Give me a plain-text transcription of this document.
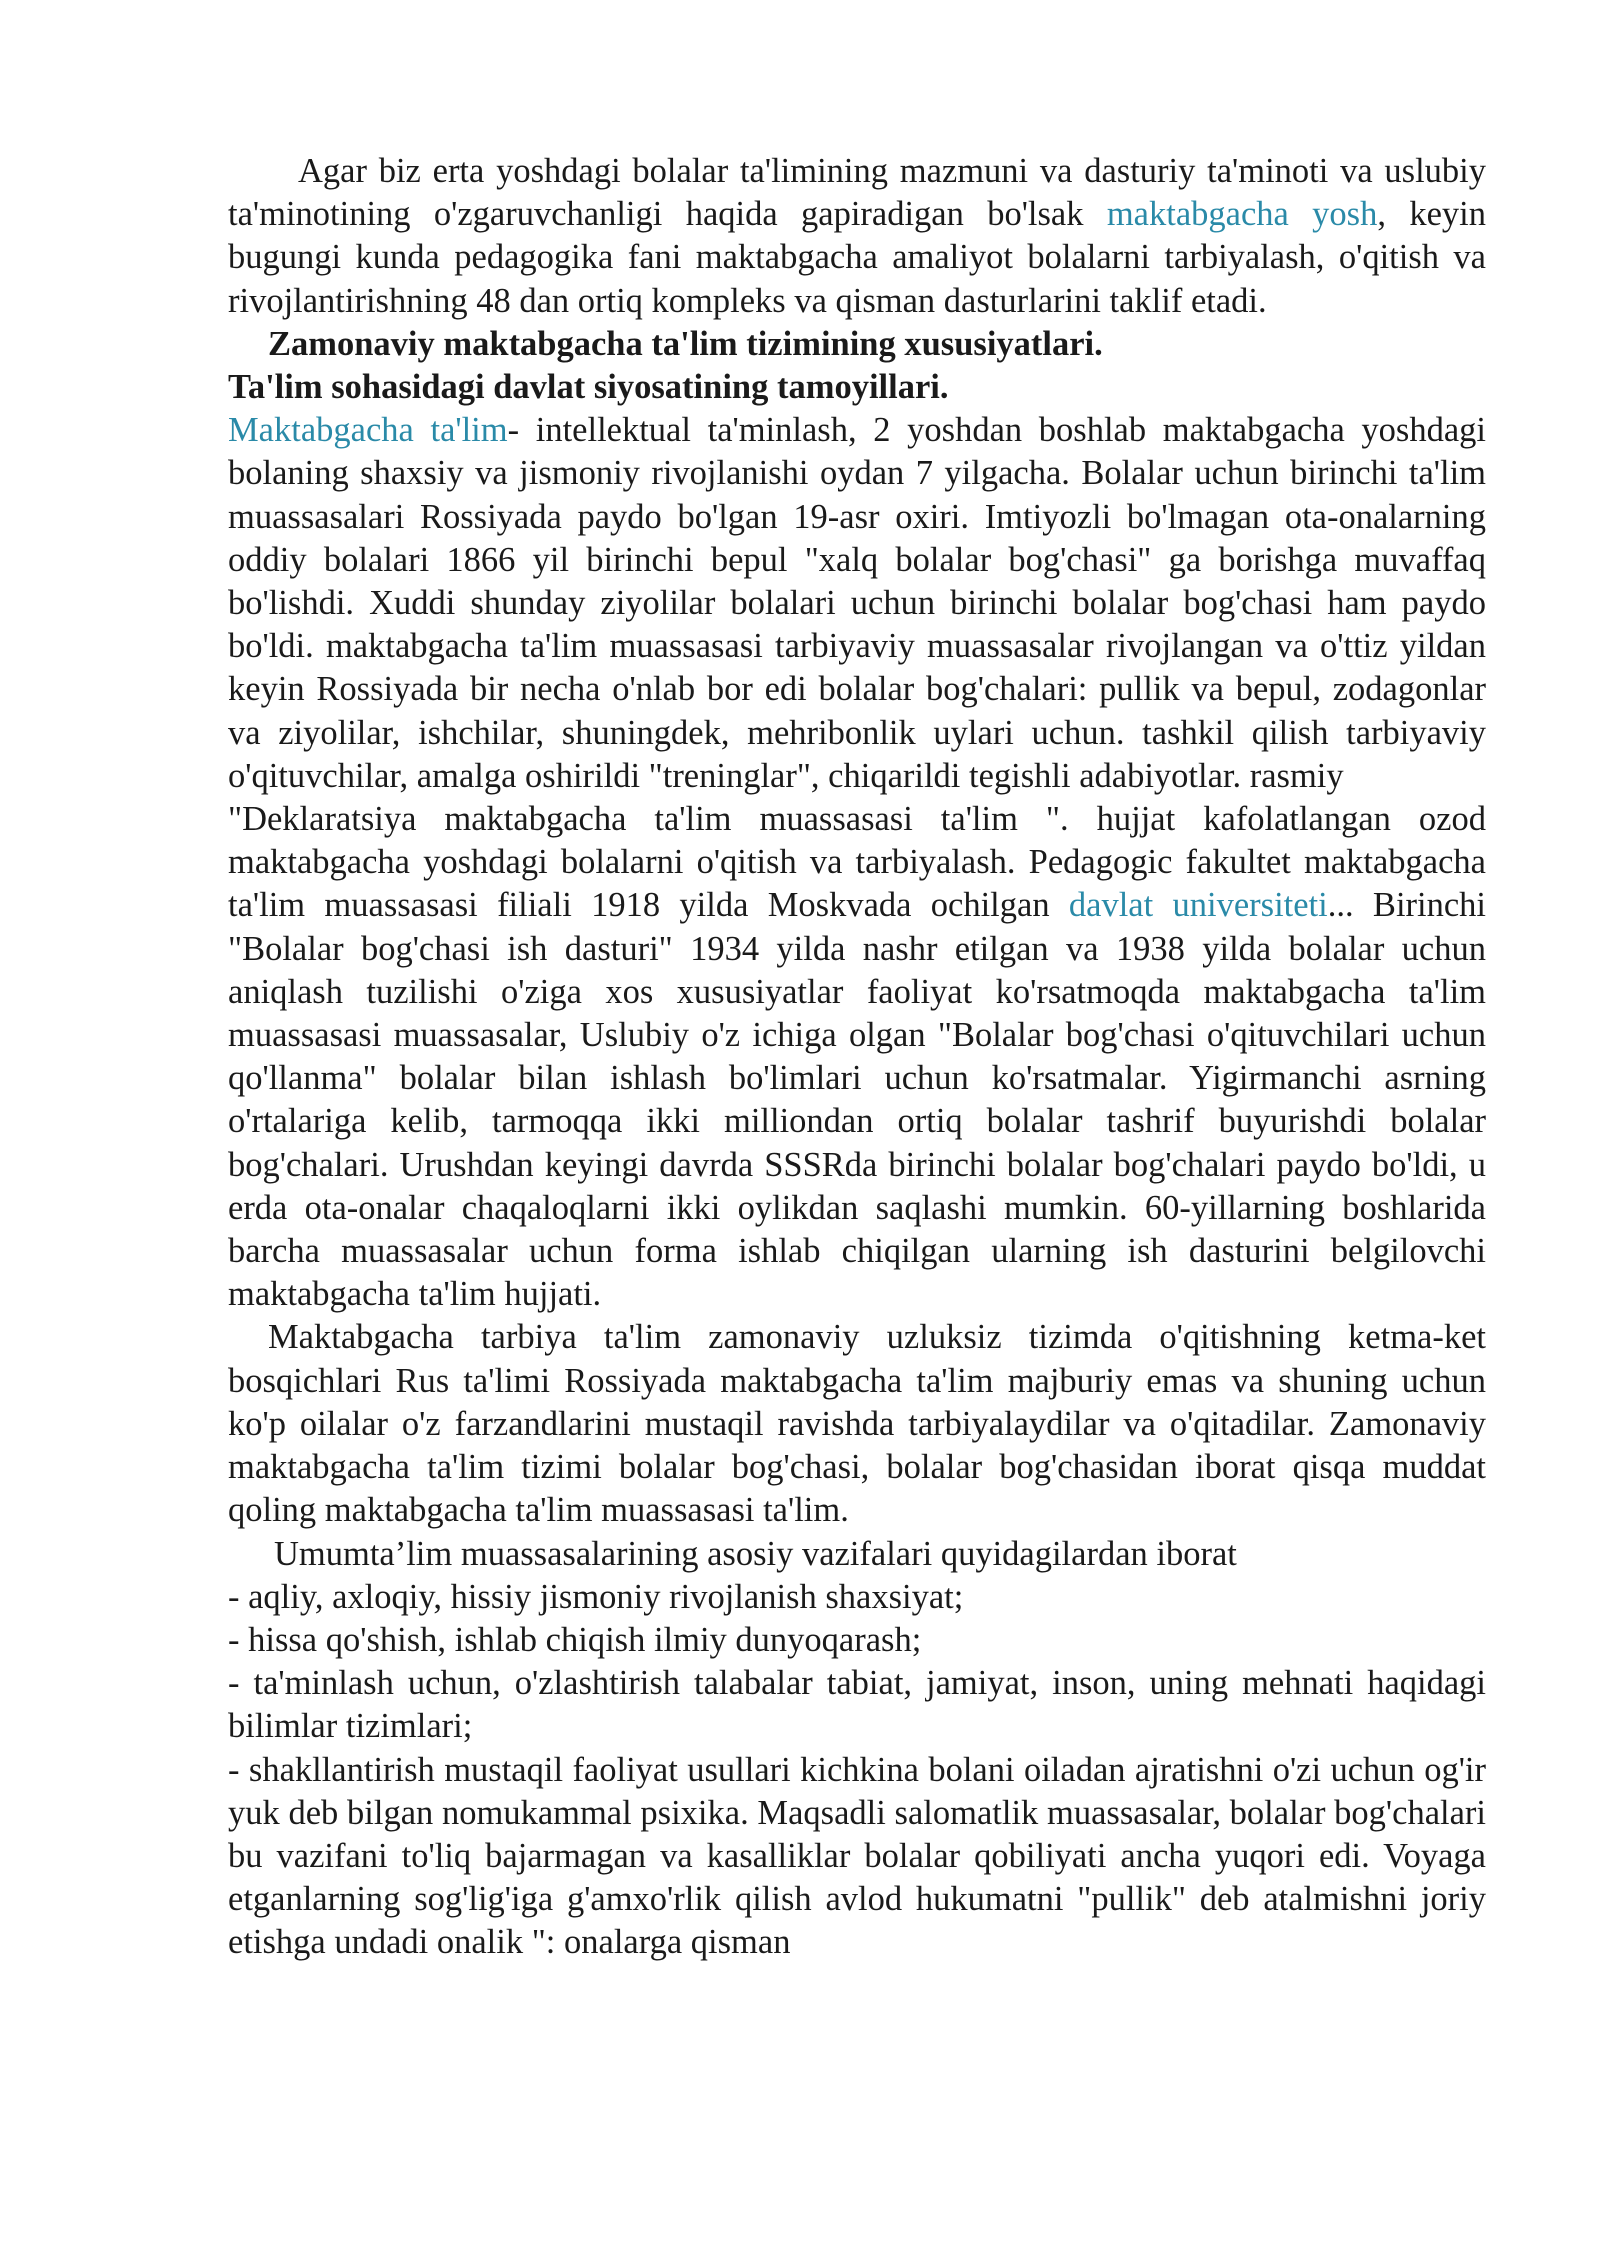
Agar biz erta yoshdagi bolalar ta'limining mazmuni va dasturiy ta'minoti va uslubiy ta'minotining o'zgaruvchanligi haqida gapiradigan bo'lsak maktabgacha yosh, keyin bugungi kunda pedagogika fani maktabgacha amaliyot bolalarni tarbiyalash, o'qitish va rivojlantirishning 48 dan ortiq kompleks va qisman dasturlarini taklif etadi.

Zamonaviy maktabgacha ta'lim tizimining xususiyatlari.

Ta'lim sohasidagi davlat siyosatining tamoyillari.

Maktabgacha ta'lim- intellektual ta'minlash, 2 yoshdan boshlab maktabgacha yoshdagi bolaning shaxsiy va jismoniy rivojlanishi oydan 7 yilgacha. Bolalar uchun birinchi ta'lim muassasalari Rossiyada paydo bo'lgan 19-asr oxiri. Imtiyozli bo'lmagan ota-onalarning oddiy bolalari 1866 yil birinchi bepul "xalq bolalar bog'chasi" ga borishga muvaffaq bo'lishdi. Xuddi shunday ziyolilar bolalari uchun birinchi bolalar bog'chasi ham paydo bo'ldi. maktabgacha ta'lim muassasasi tarbiyaviy muassasalar rivojlangan va o'ttiz yildan keyin Rossiyada bir necha o'nlab bor edi bolalar bog'chalari: pullik va bepul, zodagonlar va ziyolilar, ishchilar, shuningdek, mehribonlik uylari uchun. tashkil qilish tarbiyaviy o'qituvchilar, amalga oshirildi "treninglar", chiqarildi tegishli adabiyotlar. rasmiy

"Deklaratsiya maktabgacha ta'lim muassasasi ta'lim ". hujjat kafolatlangan ozod maktabgacha yoshdagi bolalarni o'qitish va tarbiyalash. Pedagogic fakultet maktabgacha ta'lim muassasasi filiali 1918 yilda Moskvada ochilgan davlat universiteti... Birinchi "Bolalar bog'chasi ish dasturi" 1934 yilda nashr etilgan va 1938 yilda bolalar uchun aniqlash tuzilishi o'ziga xos xususiyatlar faoliyat ko'rsatmoqda maktabgacha ta'lim muassasasi muassasalar, Uslubiy o'z ichiga olgan "Bolalar bog'chasi o'qituvchilari uchun qo'llanma" bolalar bilan ishlash bo'limlari uchun ko'rsatmalar. Yigirmanchi asrning o'rtalariga kelib, tarmoqqa ikki milliondan ortiq bolalar tashrif buyurishdi bolalar bog'chalari. Urushdan keyingi davrda SSSRda birinchi bolalar bog'chalari paydo bo'ldi, u erda ota-onalar chaqaloqlarni ikki oylikdan saqlashi mumkin. 60-yillarning boshlarida barcha muassasalar uchun forma ishlab chiqilgan ularning ish dasturini belgilovchi maktabgacha ta'lim hujjati.

Maktabgacha tarbiya ta'lim zamonaviy uzluksiz tizimda o'qitishning ketma-ket bosqichlari Rus ta'limi Rossiyada maktabgacha ta'lim majburiy emas va shuning uchun ko'p oilalar o'z farzandlarini mustaqil ravishda tarbiyalaydilar va o'qitadilar. Zamonaviy maktabgacha ta'lim tizimi bolalar bog'chasi, bolalar bog'chasidan iborat qisqa muddat qoling maktabgacha ta'lim muassasasi ta'lim.

Umumta’lim muassasalarining asosiy vazifalari quyidagilardan iborat

- aqliy, axloqiy, hissiy jismoniy rivojlanish shaxsiyat;

- hissa qo'shish, ishlab chiqish ilmiy dunyoqarash;

- ta'minlash uchun, o'zlashtirish talabalar tabiat, jamiyat, inson, uning mehnati haqidagi bilimlar tizimlari;

- shakllantirish mustaqil faoliyat usullari kichkina bolani oiladan ajratishni o'zi uchun og'ir yuk deb bilgan nomukammal psixika. Maqsadli salomatlik muassasalar, bolalar bog'chalari bu vazifani to'liq bajarmagan va kasalliklar bolalar qobiliyati ancha yuqori edi. Voyaga etganlarning sog'lig'iga g'amxo'rlik qilish avlod hukumatni "pullik" deb atalmishni joriy etishga undadi onalik ": onalarga qisman
